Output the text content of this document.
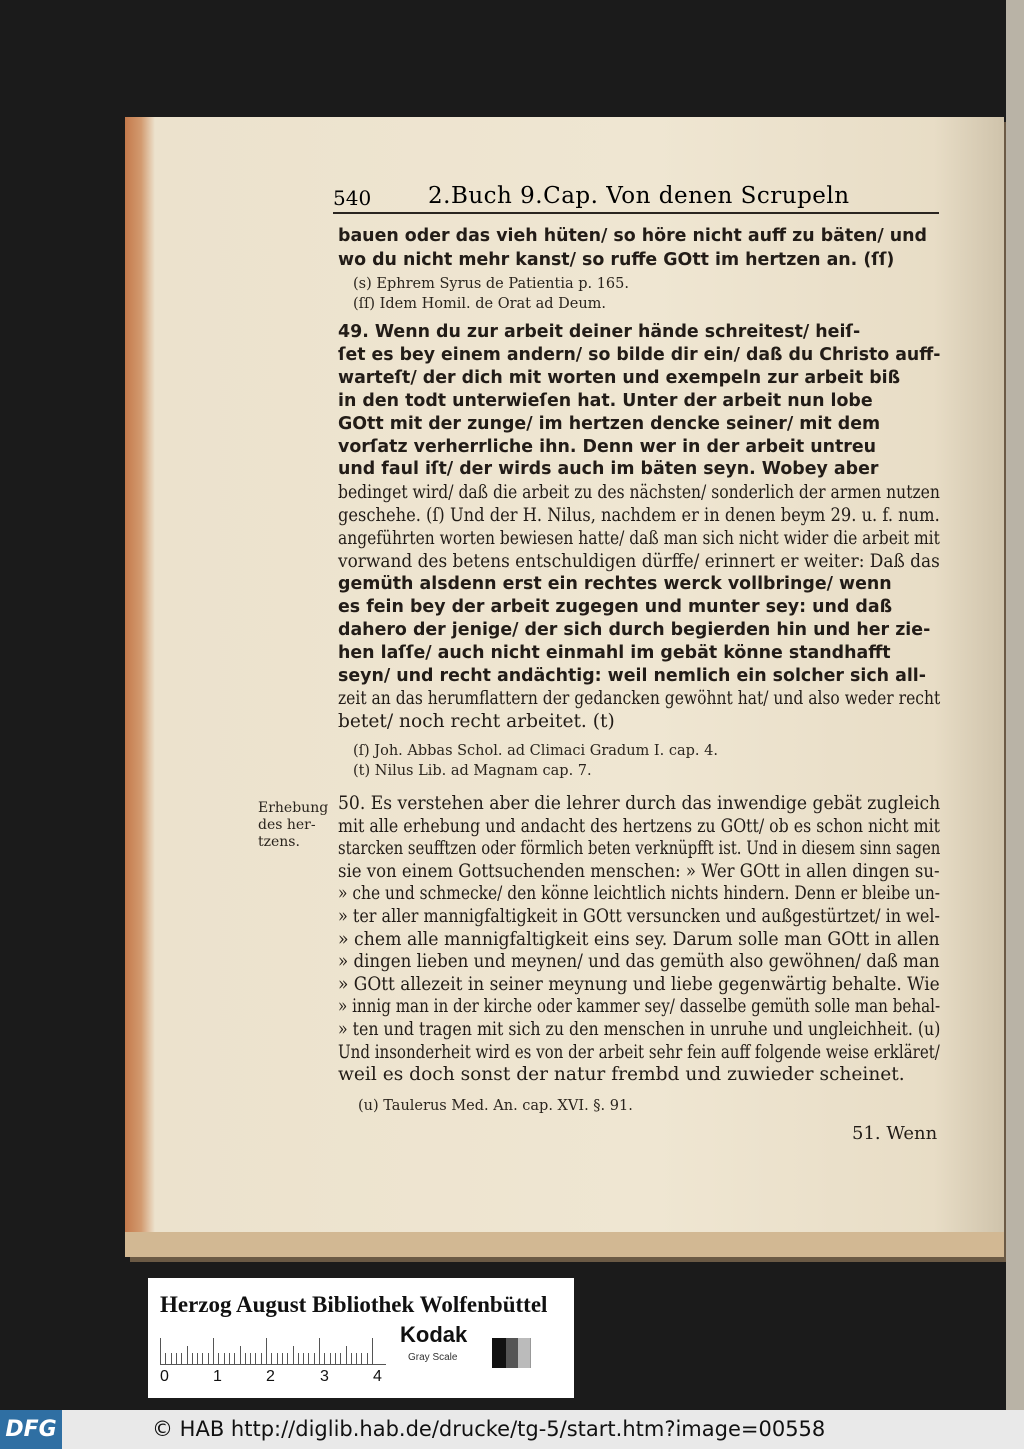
540 2.Buch 9.Cap. Von denen Scrupeln
bauen oder das vieh hüten/ so höre nicht auff zu bäten/ und
wo du nicht mehr kanst/ so ruffe GOtt im hertzen an. (ſſ)
(s) Ephrem Syrus de Patientia p. 165.
(ſſ) Idem Homil. de Orat ad Deum.
49. Wenn du zur arbeit deiner hände schreitest/ heiſ-
ſet es bey einem andern/ so bilde dir ein/ daß du Christo auff-
warteſt/ der dich mit worten und exempeln zur arbeit biß
in den todt unterwieſen hat. Unter der arbeit nun lobe
GOtt mit der zunge/ im hertzen dencke seiner/ mit dem
vorſatz verherrliche ihn. Denn wer in der arbeit untreu
und faul iſt/ der wirds auch im bäten seyn. Wobey aber
bedinget wird/ daß die arbeit zu des nächsten/ sonderlich der armen nutzen
geschehe. (ſ) Und der H. Nilus, nachdem er in denen beym 29. u. f. num.
angeführten worten bewiesen hatte/ daß man sich nicht wider die arbeit mit
vorwand des betens entschuldigen dürffe/ erinnert er weiter: Daß das
gemüth alsdenn erst ein rechtes werck vollbringe/ wenn
es fein bey der arbeit zugegen und munter sey: und daß
dahero der jenige/ der sich durch begierden hin und her zie-
hen laſſe/ auch nicht einmahl im gebät könne standhafft
seyn/ und recht andächtig: weil nemlich ein solcher sich all-
zeit an das herumflattern der gedancken gewöhnt hat/ und also weder recht
betet/ noch recht arbeitet. (t)
(ſ) Joh. Abbas Schol. ad Climaci Gradum I. cap. 4.
(t) Nilus Lib. ad Magnam cap. 7.
Erhebung
des her-
tzens.
50. Es verstehen aber die lehrer durch das inwendige gebät zugleich
mit alle erhebung und andacht des hertzens zu GOtt/ ob es schon nicht mit
starcken seufftzen oder förmlich beten verknüpfft ist. Und in diesem sinn sagen
sie von einem Gottsuchenden menschen: » Wer GOtt in allen dingen su-
» che und schmecke/ den könne leichtlich nichts hindern. Denn er bleibe un-
» ter aller mannigfaltigkeit in GOtt versuncken und außgestürtzet/ in wel-
» chem alle mannigfaltigkeit eins sey. Darum solle man GOtt in allen
» dingen lieben und meynen/ und das gemüth also gewöhnen/ daß man
» GOtt allezeit in seiner meynung und liebe gegenwärtig behalte. Wie
» innig man in der kirche oder kammer sey/ dasselbe gemüth solle man behal-
» ten und tragen mit sich zu den menschen in unruhe und ungleichheit. (u)
Und insonderheit wird es von der arbeit sehr fein auff folgende weise erkläret/
weil es doch sonst der natur frembd und zuwieder scheinet.
(u) Taulerus Med. An. cap. XVI. §. 91.
51. Wenn
Herzog August Bibliothek Wolfenbüttel
0	1	2	3	4
Kodak
Gray Scale
DFG	© HAB http://diglib.hab.de/drucke/tg-5/start.htm?image=00558
